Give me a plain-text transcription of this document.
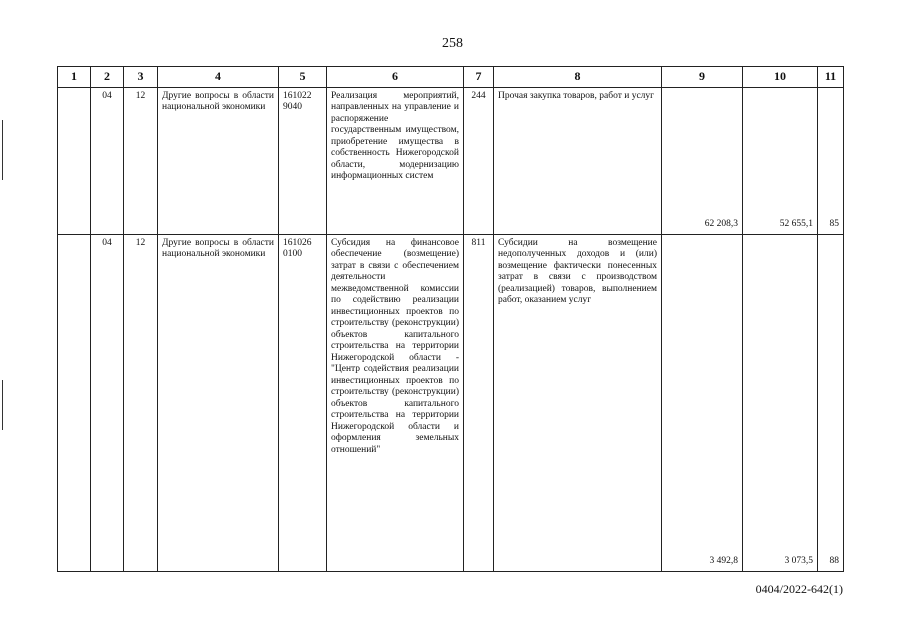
258
1	2	3	4	5	6	7	8	9	10	11
	04	12	Другие вопросы в области национальной экономики	161022 9040	Реализация мероприятий, направленных на управление и распоряжение государственным имуществом, приобретение имущества в собственность Нижегородской области, модернизацию информационных систем	244	Прочая закупка товаров, работ и услуг	62 208,3	52 655,1	85
	04	12	Другие вопросы в области национальной экономики	161026 0100	Субсидия на финансовое обеспечение (возмещение) затрат в связи с обеспечением деятельности межведомственной комиссии по содействию реализации инвестиционных проектов по строительству (реконструкции) объектов капитального строительства на территории Нижегородской области - "Центр содействия реализации инвестиционных проектов по строительству (реконструкции) объектов капитального строительства на территории Нижегородской области и оформления земельных отношений"	811	Субсидии на возмещение недополученных доходов и (или) возмещение фактически понесенных затрат в связи с производством (реализацией) товаров, выполнением работ, оказанием услуг	3 492,8	3 073,5	88
0404/2022-642(1)
